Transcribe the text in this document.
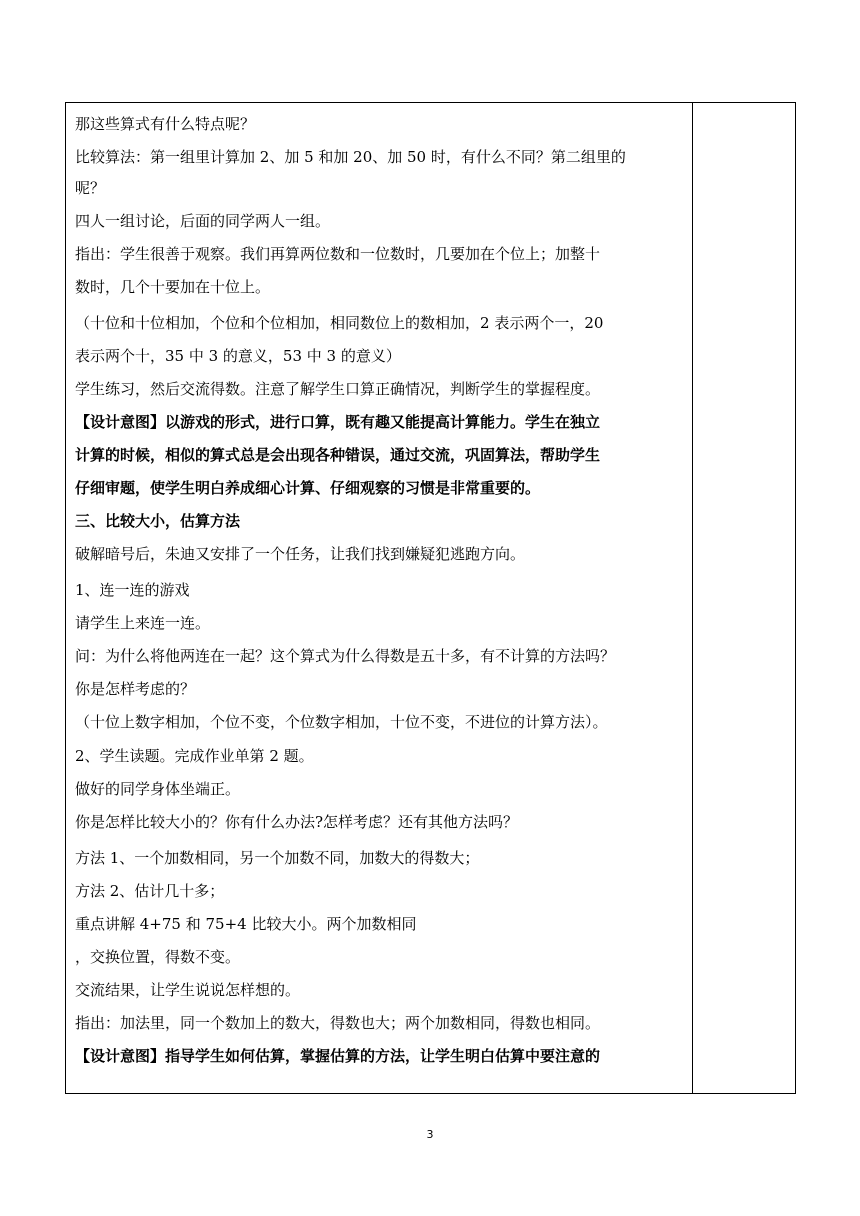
那这些算式有什么特点呢？
比较算法：第一组里计算加 2、加 5 和加 20、加 50 时，有什么不同？第二组里的
呢？
四人一组讨论，后面的同学两人一组。
指出：学生很善于观察。我们再算两位数和一位数时，几要加在个位上；加整十
数时，几个十要加在十位上。
（十位和十位相加，个位和个位相加，相同数位上的数相加，2 表示两个一，20
表示两个十，35 中 3 的意义，53 中 3 的意义）
学生练习，然后交流得数。注意了解学生口算正确情况，判断学生的掌握程度。
【设计意图】以游戏的形式，进行口算，既有趣又能提高计算能力。学生在独立
计算的时候，相似的算式总是会出现各种错误，通过交流，巩固算法，帮助学生
仔细审题，使学生明白养成细心计算、仔细观察的习惯是非常重要的。
三、比较大小，估算方法
破解暗号后，朱迪又安排了一个任务，让我们找到嫌疑犯逃跑方向。
1、连一连的游戏
请学生上来连一连。
问：为什么将他两连在一起？这个算式为什么得数是五十多，有不计算的方法吗？
你是怎样考虑的？
（十位上数字相加，个位不变，个位数字相加，十位不变，不进位的计算方法）。
2、学生读题。完成作业单第 2 题。
做好的同学身体坐端正。
你是怎样比较大小的？你有什么办法?怎样考虑？还有其他方法吗？
方法 1、一个加数相同，另一个加数不同，加数大的得数大；
方法 2、估计几十多；
重点讲解 4+75 和 75+4 比较大小。两个加数相同
，交换位置，得数不变。
交流结果，让学生说说怎样想的。
指出：加法里，同一个数加上的数大，得数也大；两个加数相同，得数也相同。
【设计意图】指导学生如何估算，掌握估算的方法，让学生明白估算中要注意的
3
